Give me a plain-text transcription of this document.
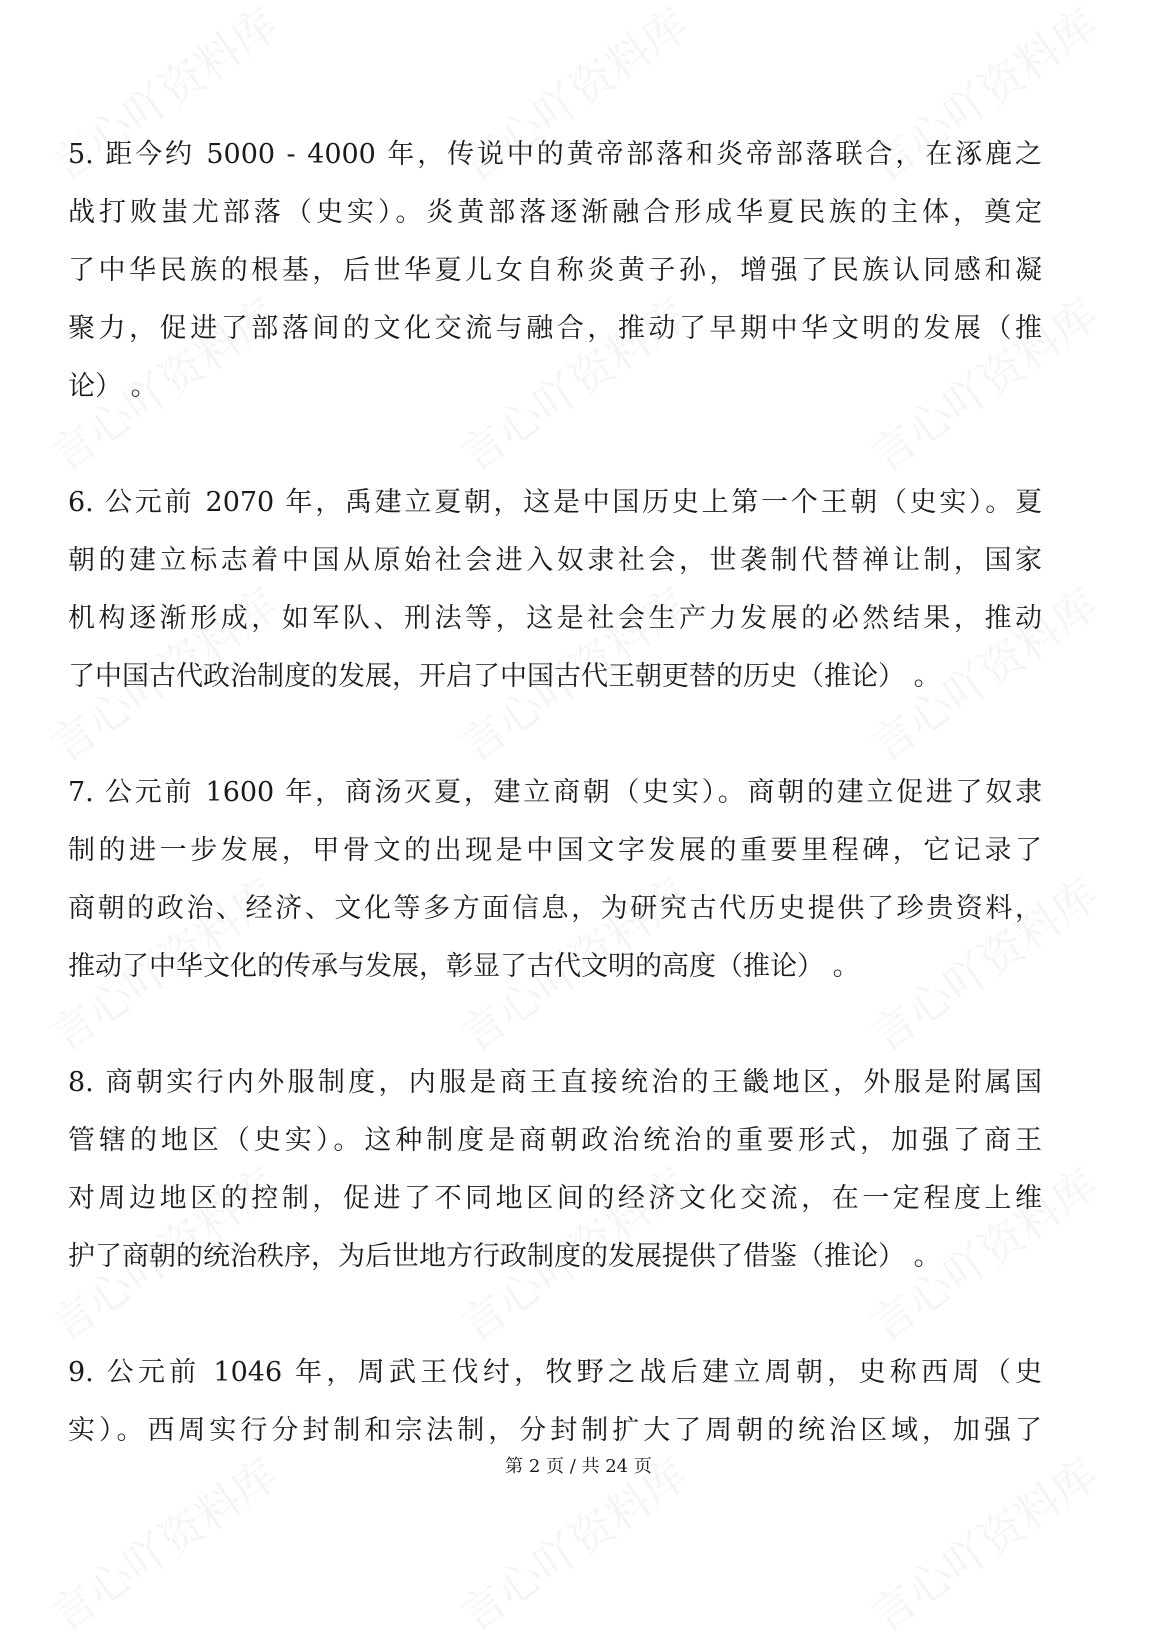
5. 距今约 5000 - 4000 年，传说中的黄帝部落和炎帝部落联合，在涿鹿之
战打败蚩尤部落（史实）。炎黄部落逐渐融合形成华夏民族的主体，奠定
了中华民族的根基，后世华夏儿女自称炎黄子孙，增强了民族认同感和凝
聚力，促进了部落间的文化交流与融合，推动了早期中华文明的发展（推
论） 。
6. 公元前 2070 年，禹建立夏朝，这是中国历史上第一个王朝（史实）。夏
朝的建立标志着中国从原始社会进入奴隶社会，世袭制代替禅让制，国家
机构逐渐形成，如军队、刑法等，这是社会生产力发展的必然结果，推动
了中国古代政治制度的发展，开启了中国古代王朝更替的历史（推论） 。
7. 公元前 1600 年，商汤灭夏，建立商朝（史实）。商朝的建立促进了奴隶
制的进一步发展，甲骨文的出现是中国文字发展的重要里程碑，它记录了
商朝的政治、经济、文化等多方面信息，为研究古代历史提供了珍贵资料，
推动了中华文化的传承与发展，彰显了古代文明的高度（推论） 。
8. 商朝实行内外服制度，内服是商王直接统治的王畿地区，外服是附属国
管辖的地区（史实）。这种制度是商朝政治统治的重要形式，加强了商王
对周边地区的控制，促进了不同地区间的经济文化交流，在一定程度上维
护了商朝的统治秩序，为后世地方行政制度的发展提供了借鉴（推论） 。
9. 公元前 1046 年，周武王伐纣，牧野之战后建立周朝，史称西周（史
实）。西周实行分封制和宗法制，分封制扩大了周朝的统治区域，加强了
第 2 页 / 共 24 页
